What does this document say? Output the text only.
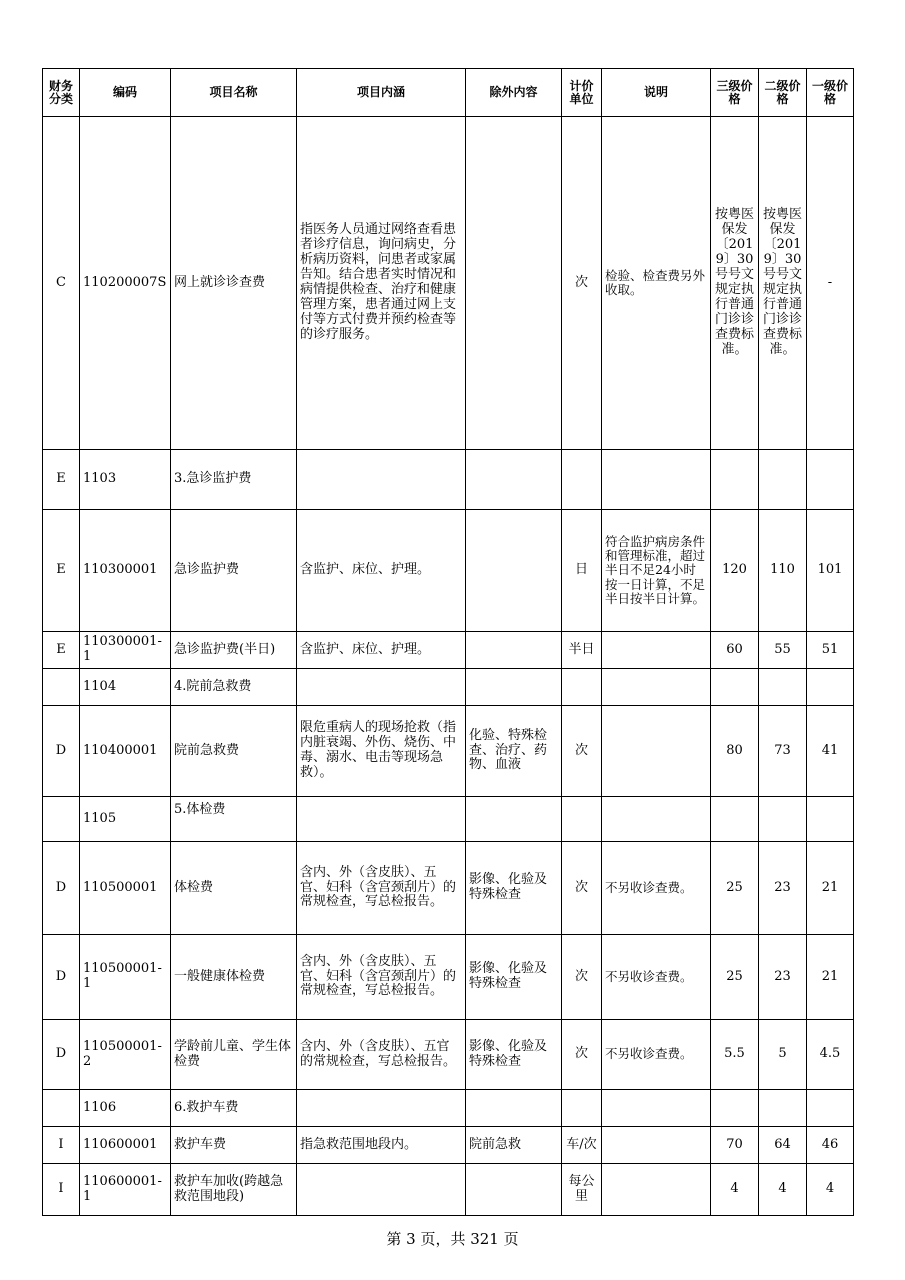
财务分类	编码	项目名称	项目内涵	除外内容	计价单位	说明	三级价格	二级价格	一级价格
C	110200007S	网上就诊诊查费	指医务人员通过网络查看患者诊疗信息，询问病史，分析病历资料，问患者或家属告知。结合患者实时情况和病情提供检查、治疗和健康管理方案，患者通过网上支付等方式付费并预约检查等的诊疗服务。		次	检验、检查费另外收取。	按粤医保发〔2019〕30号号文规定执行普通门诊诊查费标准。	按粤医保发〔2019〕30号号文规定执行普通门诊诊查费标准。	-
E	1103	3.急诊监护费							
E	110300001	急诊监护费	含监护、床位、护理。		日	符合监护病房条件和管理标准，超过半日不足24小时按一日计算，不足半日按半日计算。	120	110	101
E	110300001-1	急诊监护费(半日)	含监护、床位、护理。		半日		60	55	51
	1104	4.院前急救费							
D	110400001	院前急救费	限危重病人的现场抢救（指内脏衰竭、外伤、烧伤、中毒、溺水、电击等现场急救）。	化验、特殊检查、治疗、药物、血液	次		80	73	41
	1105	5.体检费							
D	110500001	体检费	含内、外（含皮肤）、五官、妇科（含宫颈刮片）的常规检查，写总检报告。	影像、化验及特殊检查	次	不另收诊查费。	25	23	21
D	110500001-1	一般健康体检费	含内、外（含皮肤）、五官、妇科（含宫颈刮片）的常规检查，写总检报告。	影像、化验及特殊检查	次	不另收诊查费。	25	23	21
D	110500001-2	学龄前儿童、学生体检费	含内、外（含皮肤）、五官的常规检查，写总检报告。	影像、化验及特殊检查	次	不另收诊查费。	5.5	5	4.5
	1106	6.救护车费							
I	110600001	救护车费	指急救范围地段内。	院前急救	车/次		70	64	46
I	110600001-1	救护车加收(跨越急救范围地段)			每公里		4	4	4
第 3 页，共 321 页
